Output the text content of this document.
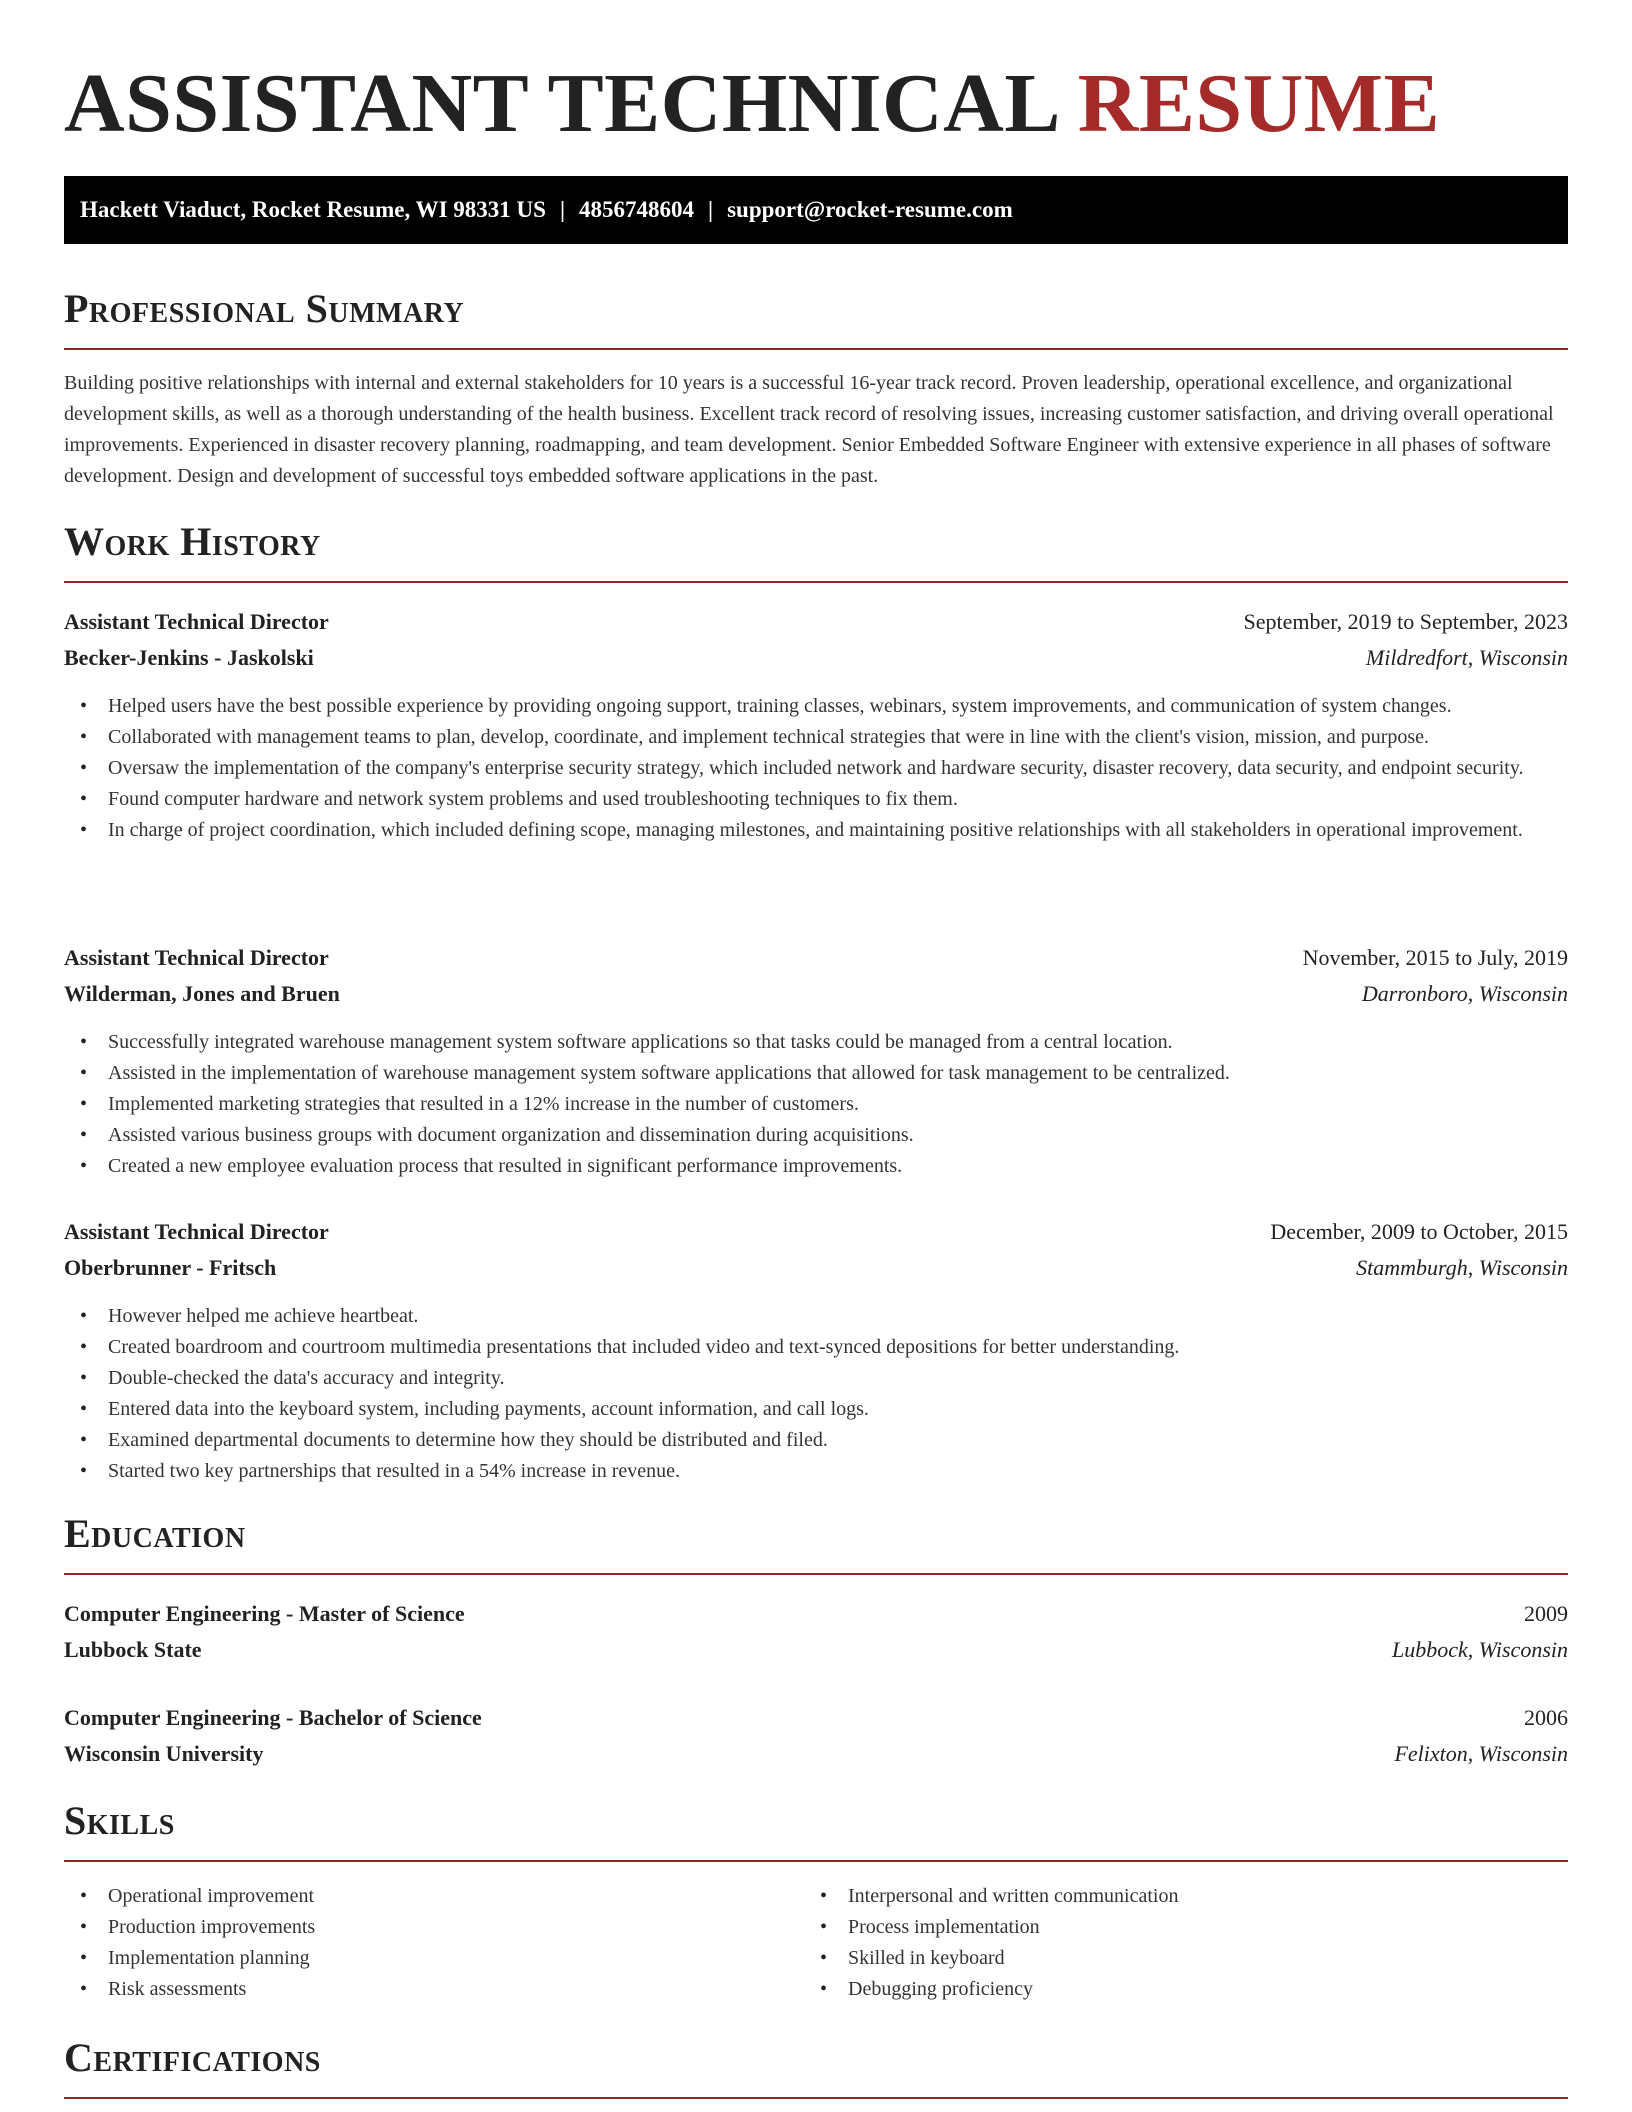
ASSISTANT TECHNICAL RESUME
Hackett Viaduct, Rocket Resume, WI 98331 US | 4856748604 | support@rocket-resume.com
Professional Summary

Building positive relationships with internal and external stakeholders for 10 years is a successful 16-year track record. Proven leadership, operational excellence, and organizational development skills, as well as a thorough understanding of the health business. Excellent track record of resolving issues, increasing customer satisfaction, and driving overall operational improvements. Experienced in disaster recovery planning, roadmapping, and team development. Senior Embedded Software Engineer with extensive experience in all phases of software development. Design and development of successful toys embedded software applications in the past.

Work History
Assistant Technical Director	September, 2019 to September, 2023
Becker-Jenkins - Jaskolski	Mildredfort, Wisconsin
• Helped users have the best possible experience by providing ongoing support, training classes, webinars, system improvements, and communication of system changes.
• Collaborated with management teams to plan, develop, coordinate, and implement technical strategies that were in line with the client's vision, mission, and purpose.
• Oversaw the implementation of the company's enterprise security strategy, which included network and hardware security, disaster recovery, data security, and endpoint security.
• Found computer hardware and network system problems and used troubleshooting techniques to fix them.
• In charge of project coordination, which included defining scope, managing milestones, and maintaining positive relationships with all stakeholders in operational improvement.
Assistant Technical Director	November, 2015 to July, 2019
Wilderman, Jones and Bruen	Darronboro, Wisconsin
• Successfully integrated warehouse management system software applications so that tasks could be managed from a central location.
• Assisted in the implementation of warehouse management system software applications that allowed for task management to be centralized.
• Implemented marketing strategies that resulted in a 12% increase in the number of customers.
• Assisted various business groups with document organization and dissemination during acquisitions.
• Created a new employee evaluation process that resulted in significant performance improvements.
Assistant Technical Director	December, 2009 to October, 2015
Oberbrunner - Fritsch	Stammburgh, Wisconsin
• However helped me achieve heartbeat.
• Created boardroom and courtroom multimedia presentations that included video and text-synced depositions for better understanding.
• Double-checked the data's accuracy and integrity.
• Entered data into the keyboard system, including payments, account information, and call logs.
• Examined departmental documents to determine how they should be distributed and filed.
• Started two key partnerships that resulted in a 54% increase in revenue.
Education
Computer Engineering - Master of Science	2009
Lubbock State	Lubbock, Wisconsin
Computer Engineering - Bachelor of Science	2006
Wisconsin University	Felixton, Wisconsin
Skills
• Operational improvement
• Production improvements
• Implementation planning
• Risk assessments
• Interpersonal and written communication
• Process implementation
• Skilled in keyboard
• Debugging proficiency
Certifications
